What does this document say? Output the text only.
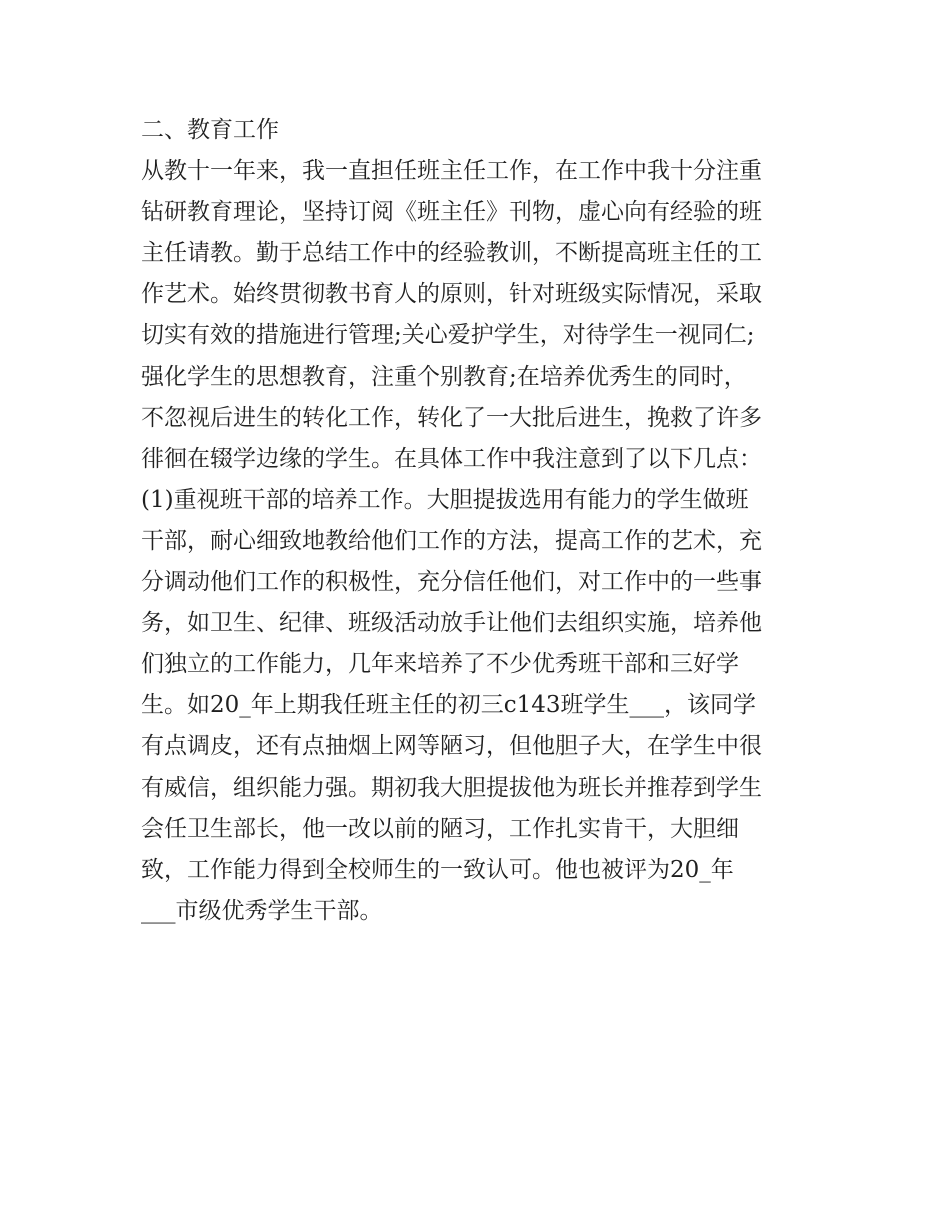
二、教育工作
从教十一年来，我一直担任班主任工作，在工作中我十分注重
钻研教育理论，坚持订阅《班主任》刊物，虚心向有经验的班
主任请教。勤于总结工作中的经验教训，不断提高班主任的工
作艺术。始终贯彻教书育人的原则，针对班级实际情况，采取
切实有效的措施进行管理;关心爱护学生，对待学生一视同仁;
强化学生的思想教育，注重个别教育;在培养优秀生的同时，
不忽视后进生的转化工作，转化了一大批后进生，挽救了许多
徘徊在辍学边缘的学生。在具体工作中我注意到了以下几点：
(1)重视班干部的培养工作。大胆提拔选用有能力的学生做班
干部，耐心细致地教给他们工作的方法，提高工作的艺术，充
分调动他们工作的积极性，充分信任他们，对工作中的一些事
务，如卫生、纪律、班级活动放手让他们去组织实施，培养他
们独立的工作能力，几年来培养了不少优秀班干部和三好学
生。如20_年上期我任班主任的初三c143班学生___，该同学
有点调皮，还有点抽烟上网等陋习，但他胆子大，在学生中很
有威信，组织能力强。期初我大胆提拔他为班长并推荐到学生
会任卫生部长，他一改以前的陋习，工作扎实肯干，大胆细
致，工作能力得到全校师生的一致认可。他也被评为20_年
___市级优秀学生干部。
